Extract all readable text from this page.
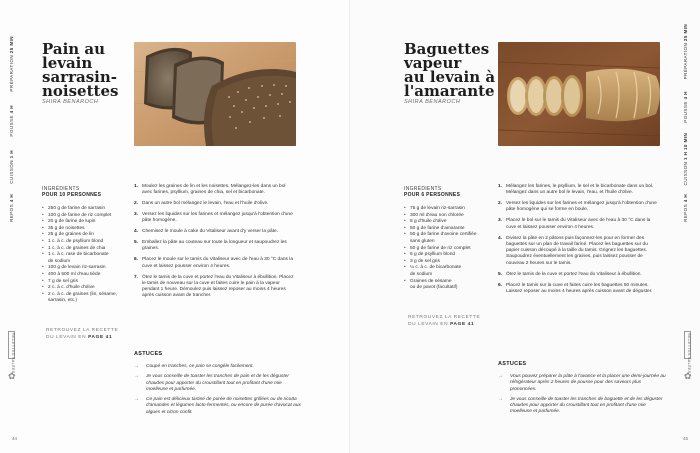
REPOS 4 H      CUISSON 1 H        POUSSE 4 H        PRÉPARATION 25 MIN Pain au
levain
sarrasin-
noisettes
SHIRA BENAROCH
INGRÉDIENTS
POUR 10 PERSONNES
• 250 g de farine de sarrasin
• 100 g de farine de riz complet
• 20 g de farine de lupin
• 35 g de noisettes
• 25 g de graines de lin
• 1 c. à c. de psyllium blond
• 1 c. à c. de graines de chia
• 1 c. à c. rase de bicarbonate
de sodium
• 100 g de levain riz-sarrasin
• 400 à 500 ml d'eau tiède
• 7 g de sel gris
• 2 c. à c. d'huile d'olive
• 2 c. à c. de graines (lin, sésame,
sarrasin, etc.)
RETROUVEZ LA RECETTE
DU LEVAIN EN PAGE 41
1. Moulez les graines de lin et les noisettes. Mélangez-les dans un bol avec farines, psyllium, graines de chia, sel et bicarbonate.
2. Dans un autre bol mélangez le levain, l'eau et l'huile d'olive.
3. Versez les liquides sur les farines et mélangez jusqu'à l'obtention d'une pâte homogène.
4. Chemisez le moule à cake du Vitaliseur avant d'y verser la pâte.
5. Emballez la pâte au couteau sur toute la longueur et saupoudrez les graines.
6. Placez le moule sur le tamis du Vitaliseur avec de l'eau à 30 °C dans la cuve et laissez pousser environ 4 heures.
7. Ôtez le tamis de la cuve et portez l'eau du Vitaliseur à ébullition. Placez le tamis de nouveau sur la cuve et faites cuire le pain à la vapeur pendant 1 heure. Démoulez puis laissez reposer au moins 4 heures après cuisson avant de trancher.
ASTUCES
→ Coupé en tranches, ce pain se congèle facilement.
→ Je vous conseille de toaster les tranches de pain et de les déguster chaudes pour apporter du croustillant tout en profitant d'une mie moelleuse et parfumée.
→ Ce pain est délicieux tartiné de purée de noisettes grillées ou de ricotta d'amandes et légumes lacto-fermentés, ou encore de purée d'avocat aux algues et citron confit.
RECETTES SALÉES
✿
44
Baguettes
vapeur
au levain à
l'amarante
SHIRA BENAROCH
INGRÉDIENTS
POUR 6 PERSONNES
• 75 g de levain riz-sarrasin
• 300 ml d'eau non chlorée
• 8 g d'huile d'olive
• 50 g de farine d'amarante
• 50 g de farine d'avoine certifiée
sans gluten
• 50 g de farine de riz complet
• 6 g de psyllium blond
• 3 g de sel gris
• ¼ c. à c. de bicarbonate
de sodium
• Graines de sésame
ou de pavot (facultatif)
RETROUVEZ LA RECETTE
DU LEVAIN EN PAGE 41
1. Mélangez les farines, le psyllium, le sel et le bicarbonate dans un bol. Mélangez dans un autre bol le levain, l'eau, et l'huile d'olive.
2. Versez les liquides sur les farines et mélangez jusqu'à l'obtention d'une pâte homogène qui se forme en boule.
3. Placez le bol sur le tamis du Vitaliseur avec de l'eau à 30 °C dans la cuve et laissez pousser environ 4 heures.
4. Divisez la pâte en 2 pâtons puis façonnez-les pour en former des baguettes sur un plan de travail fariné. Placez les baguettes sur du papier cuisson découpé à la taille du tamis. Grignez les baguettes. Saupoudrez éventuellement les graines, puis laissez pousser de nouveau 2 heures sur le tamis.
5. Ôtez le tamis de la cuve et portez l'eau du Vitaliseur à ébullition.
6. Placez le tamis sur la cuve et faites cuire les baguettes 50 minutes. Laissez reposer au moins 4 heures après cuisson avant de déguster.
ASTUCES
→ Vous pouvez préparer la pâte à l'avance et la placer une demi-journée au réfrigérateur après 2 heures de pousse pour des saveurs plus prononcées.
→ Je vous conseille de toaster les tranches de baguette et de les déguster chaudes pour apporter du croustillant tout en profitant d'une mie moelleuse et parfumée.
REPOS 4 H     CUISSON 1 H 10 MIN      POUSSE 4 H       PRÉPARATION 25 MIN
RECETTES SALÉES
✿
45
